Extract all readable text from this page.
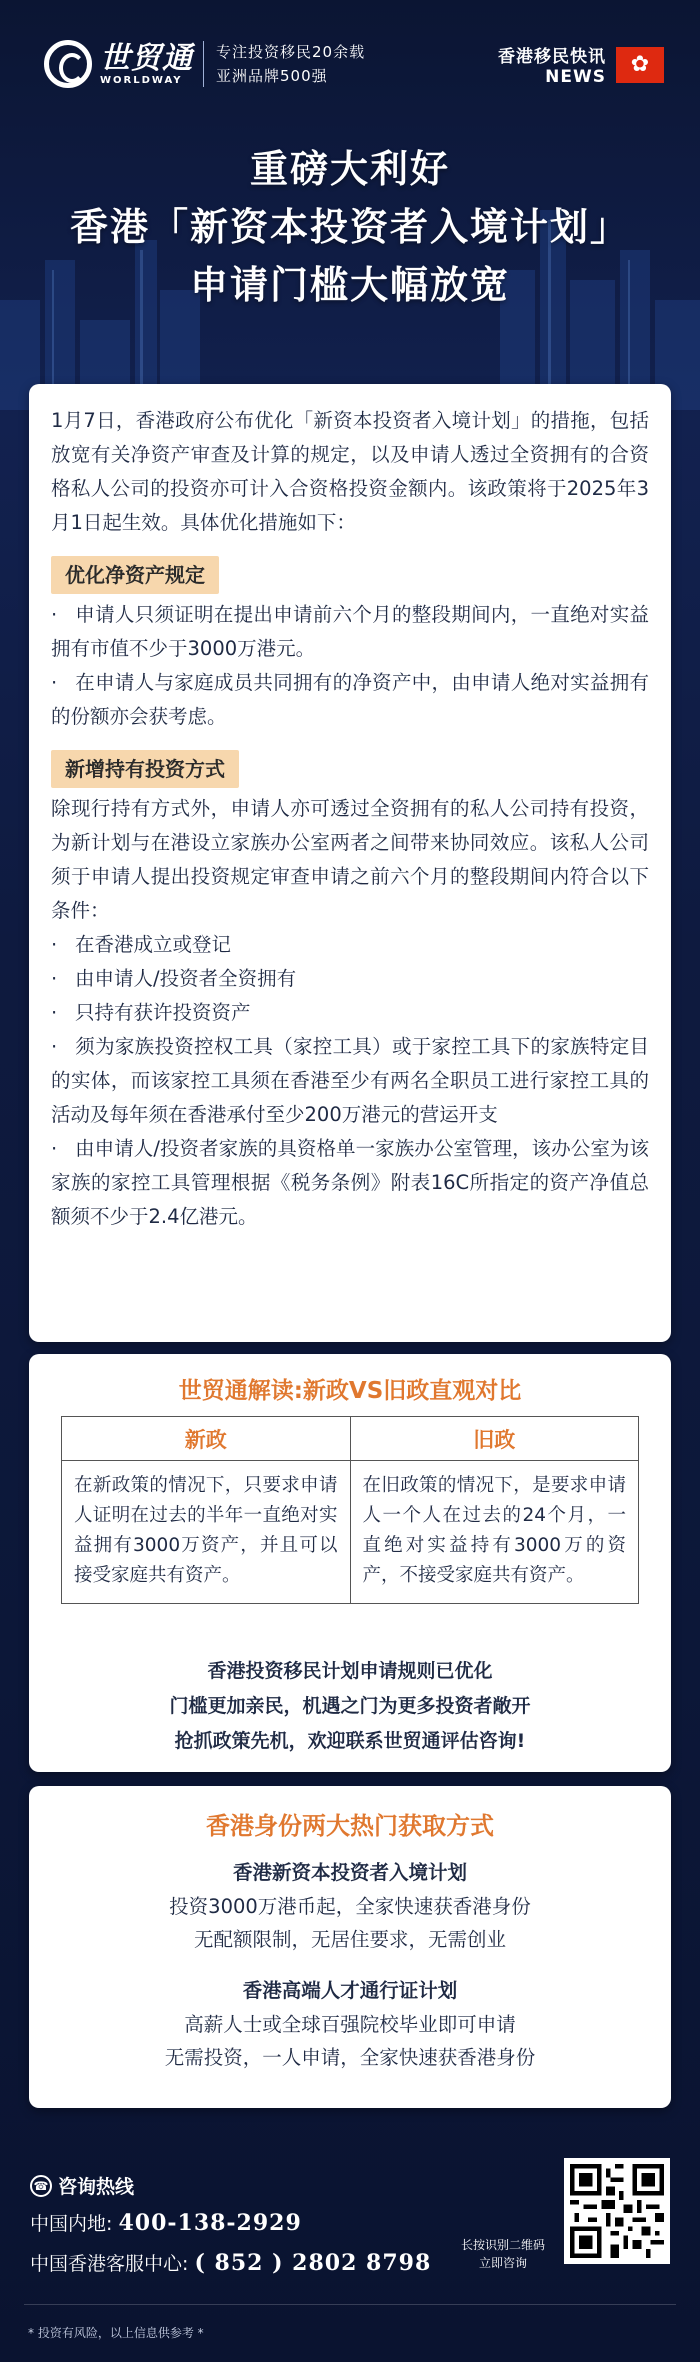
世贸通
WORLDWAY
专注投资移民20余载
亚洲品牌500强
香港移民快讯
NEWS	✿
重磅大利好
香港「新资本投资者入境计划」
申请门槛大幅放宽

1月7日，香港政府公布优化「新资本投资者入境计划」的措拖，包括放宽有关净资产审查及计算的规定，以及申请人透过全资拥有的合资格私人公司的投资亦可计入合资格投资金额内。该政策将于2025年3月1日起生效。具体优化措施如下：

优化净资产规定
· 申请人只须证明在提出申请前六个月的整段期间内，一直绝对实益拥有市值不少于3000万港元。
· 在申请人与家庭成员共同拥有的净资产中，由申请人绝对实益拥有的份额亦会获考虑。
新增持有投资方式

除现行持有方式外，申请人亦可透过全资拥有的私人公司持有投资，为新计划与在港设立家族办公室两者之间带来协同效应。该私人公司须于申请人提出投资规定审查申请之前六个月的整段期间内符合以下条件：

· 在香港成立或登记
· 由申请人/投资者全资拥有
· 只持有获许投资资产
· 须为家族投资控权工具（家控工具）或于家控工具下的家族特定目的实体，而该家控工具须在香港至少有两名全职员工进行家控工具的活动及每年须在香港承付至少200万港元的营运开支
· 由申请人/投资者家族的具资格单一家族办公室管理，该办公室为该家族的家控工具管理根据《税务条例》附表16C所指定的资产净值总额须不少于2.4亿港元。
世贸通解读:新政VS旧政直观对比
新政	旧政
在新政策的情况下，只要求申请人证明在过去的半年一直绝对实益拥有3000万资产，并且可以接受家庭共有资产。	在旧政策的情况下，是要求申请人一个人在过去的24个月，一直绝对实益持有3000万的资产，不接受家庭共有资产。
香港投资移民计划申请规则已优化
门槛更加亲民，机遇之门为更多投资者敞开
抢抓政策先机，欢迎联系世贸通评估咨询!
香港身份两大热门获取方式
香港新资本投资者入境计划
投资3000万港币起，全家快速获香港身份
无配额限制，无居住要求，无需创业
香港高端人才通行证计划
高薪人士或全球百强院校毕业即可申请
无需投资，一人申请，全家快速获香港身份
☎ 咨询热线
中国内地: 400-138-2929
中国香港客服中心: ( 852 ) 2802 8798
长按识别二维码
立即咨询
* 投资有风险，以上信息供参考 *
